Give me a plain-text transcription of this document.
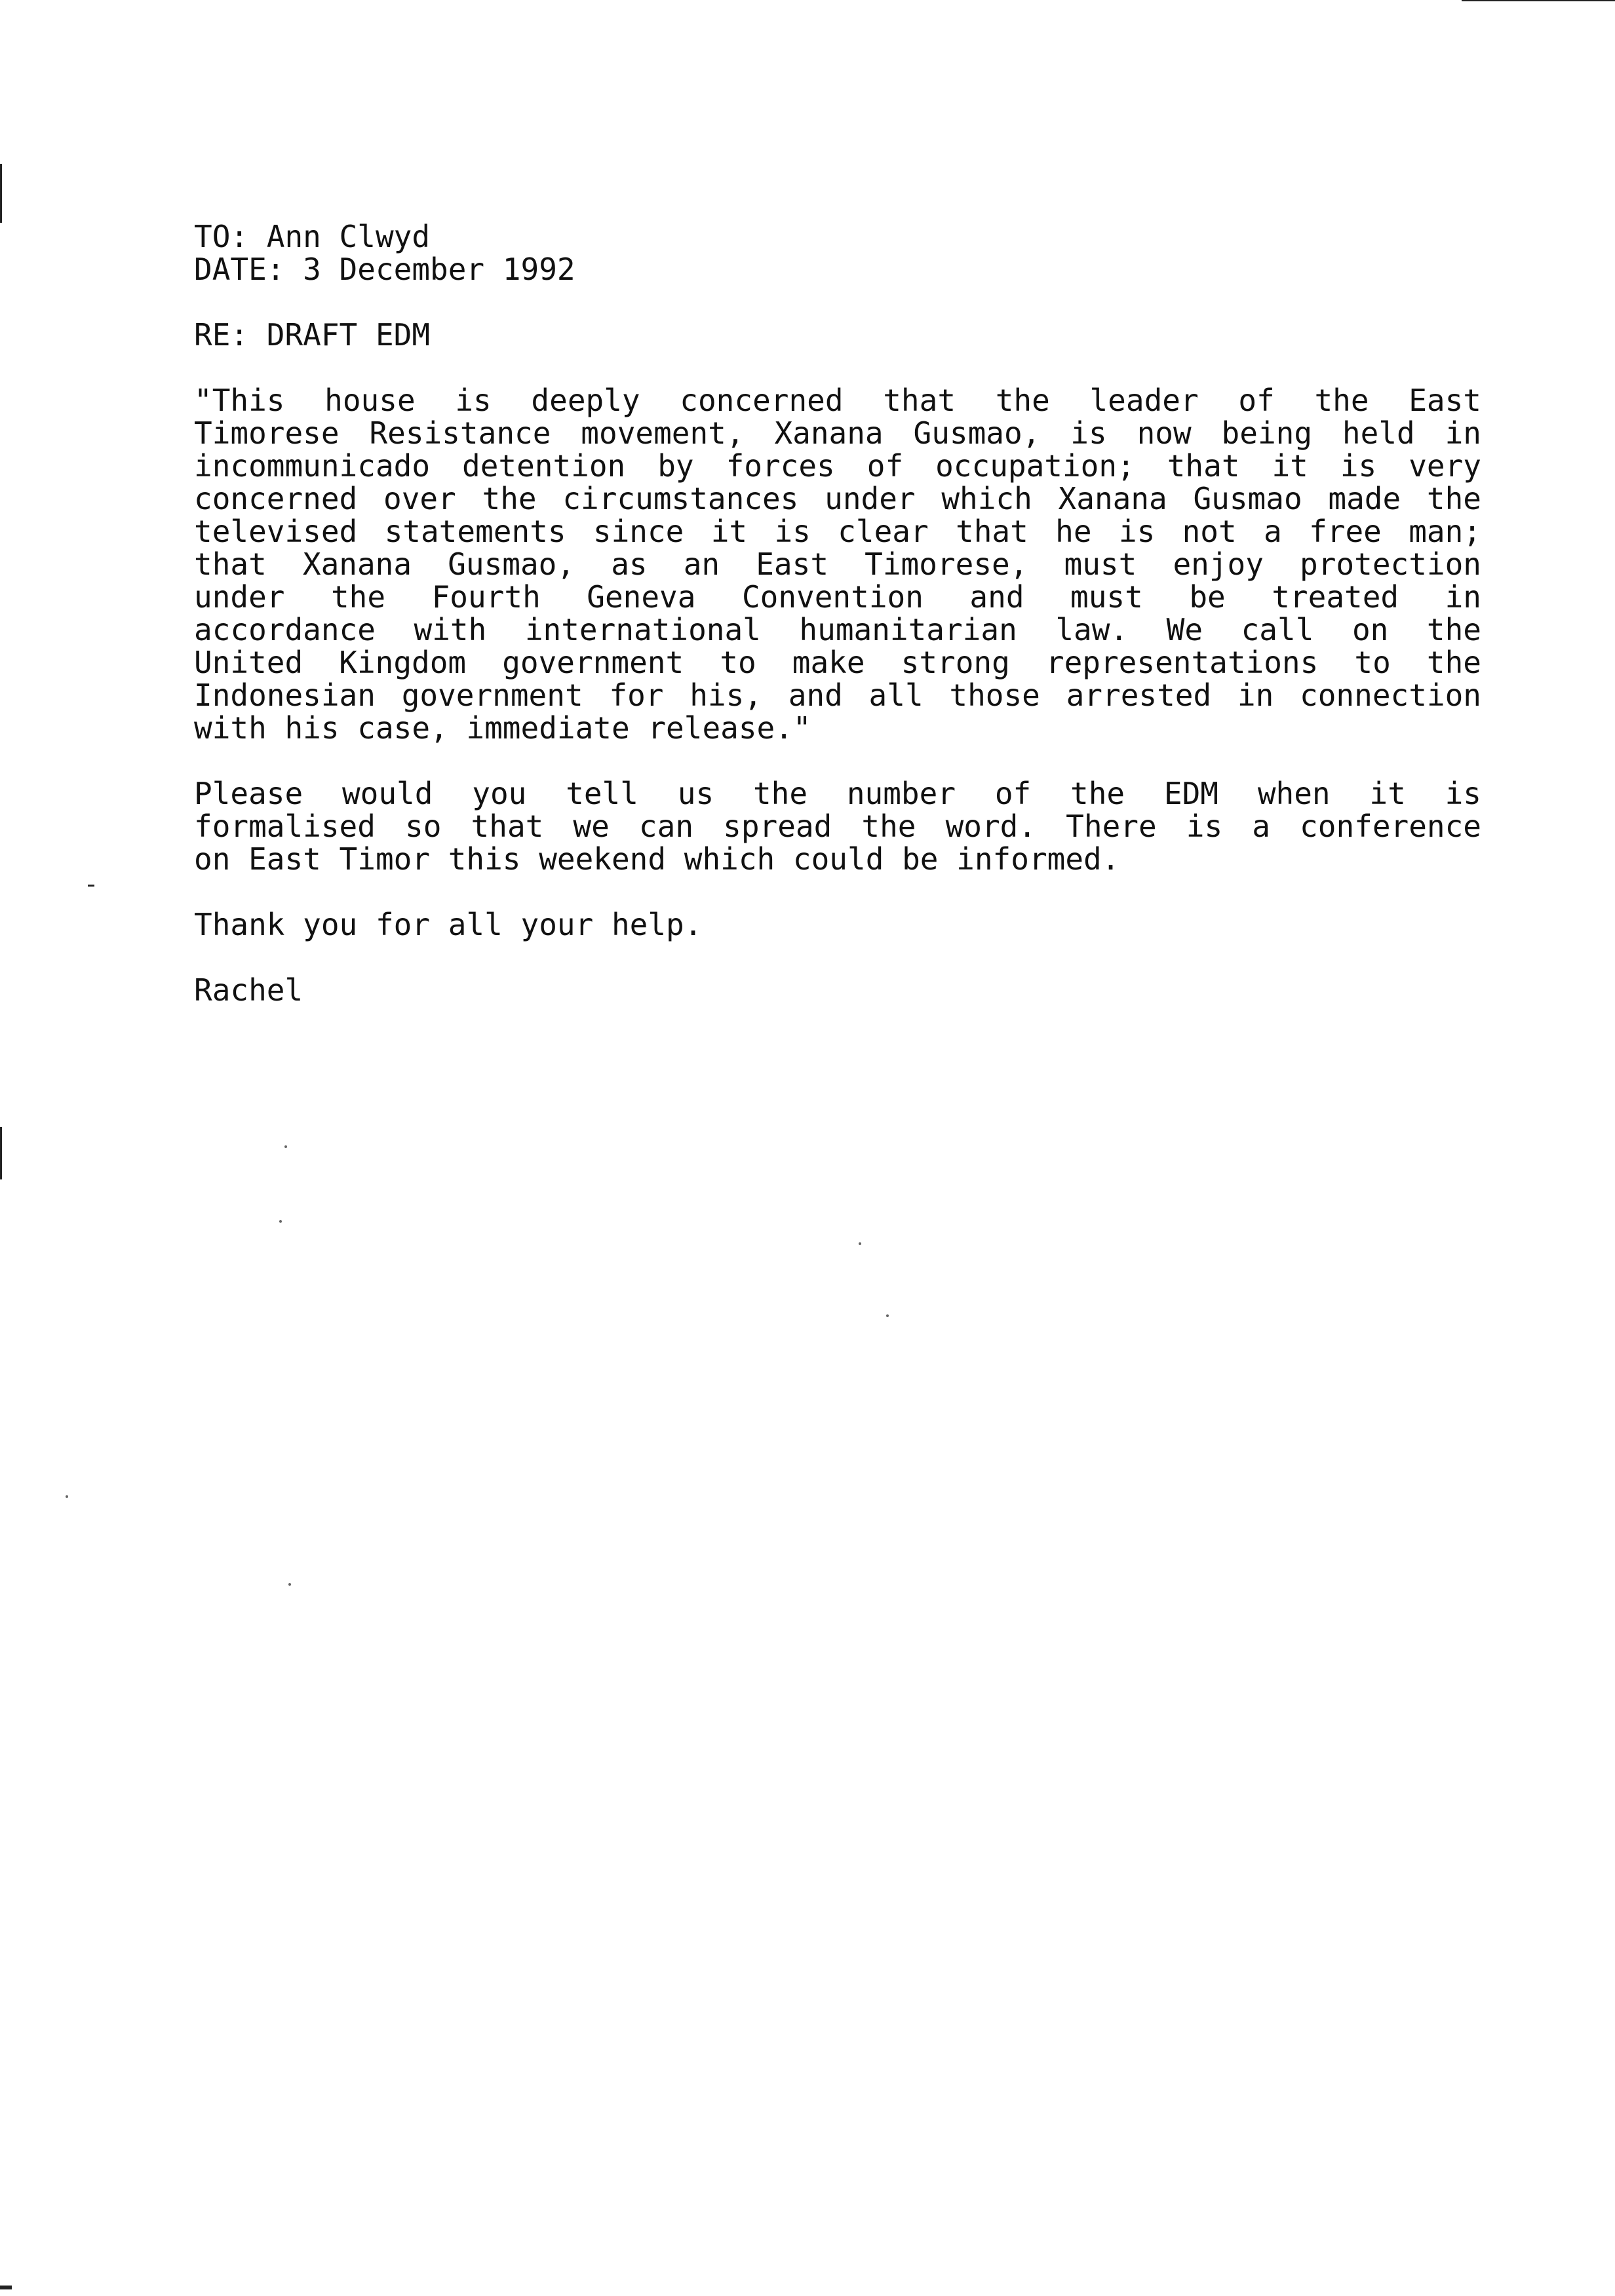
TO: Ann Clwyd

DATE: 3 December 1992

RE: DRAFT EDM

"This house is deeply concerned that the leader of the East
Timorese Resistance movement, Xanana Gusmao, is now being held in
incommunicado detention by forces of occupation; that it is very
concerned over the circumstances under which Xanana Gusmao made the
televised statements since it is clear that he is not a free man;
that Xanana Gusmao, as an East Timorese, must enjoy protection
under the Fourth Geneva Convention and must be treated in
accordance with international humanitarian law. We call on the
United Kingdom government to make strong representations to the
Indonesian government for his, and all those arrested in connection
with his case, immediate release."
Please would you tell us the number of the EDM when it is
formalised so that we can spread the word. There is a conference
on East Timor this weekend which could be informed.

Thank you for all your help.

Rachel
